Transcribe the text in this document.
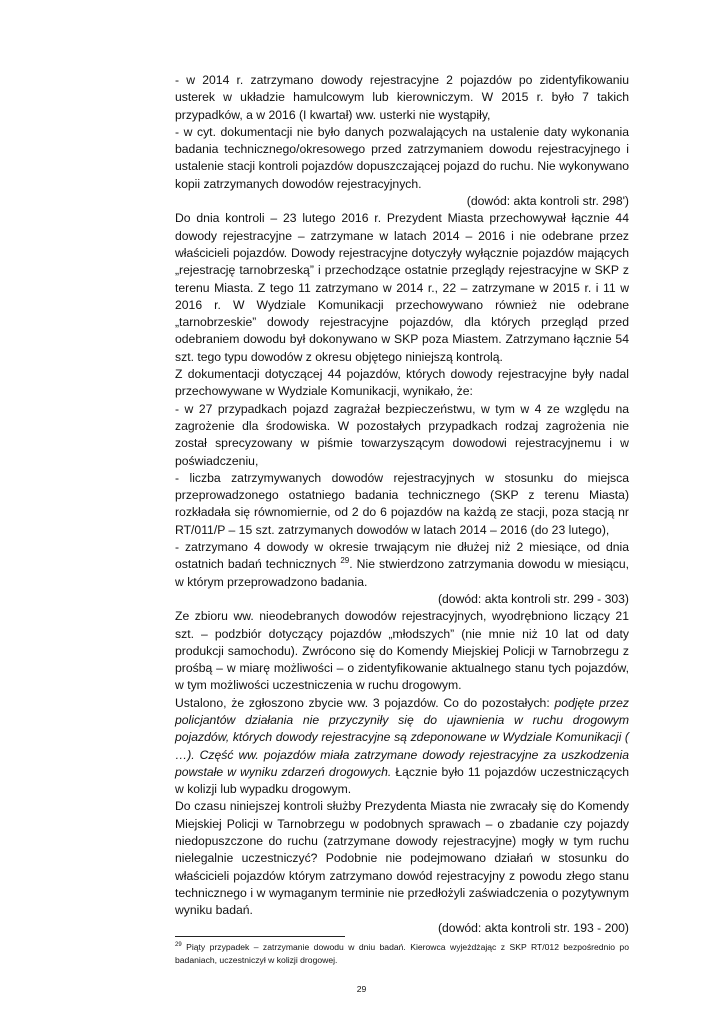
- w 2014 r. zatrzymano dowody rejestracyjne 2 pojazdów po zidentyfikowaniu usterek w układzie hamulcowym lub kierowniczym. W 2015 r. było 7 takich przypadków, a w 2016 (I kwartał) ww. usterki nie wystąpiły,

- w cyt. dokumentacji nie było danych pozwalających na ustalenie daty wykonania badania technicznego/okresowego przed zatrzymaniem dowodu rejestracyjnego i ustalenie stacji kontroli pojazdów dopuszczającej pojazd do ruchu. Nie wykonywano kopii zatrzymanych dowodów rejestracyjnych.

(dowód: akta kontroli str. 298')

Do dnia kontroli – 23 lutego 2016 r. Prezydent Miasta przechowywał łącznie 44 dowody rejestracyjne – zatrzymane w latach 2014 – 2016 i nie odebrane przez właścicieli pojazdów. Dowody rejestracyjne dotyczyły wyłącznie pojazdów mających „rejestrację tarnobrzeską” i przechodzące ostatnie przeglądy rejestracyjne w SKP z terenu Miasta. Z tego 11 zatrzymano w 2014 r., 22 – zatrzymane w 2015 r. i 11 w 2016 r. W Wydziale Komunikacji przechowywano również nie odebrane „tarnobrzeskie” dowody rejestracyjne pojazdów, dla których przegląd przed odebraniem dowodu był dokonywano w SKP poza Miastem. Zatrzymano łącznie 54 szt. tego typu dowodów z okresu objętego niniejszą kontrolą.

Z dokumentacji dotyczącej 44 pojazdów, których dowody rejestracyjne były nadal przechowywane w Wydziale Komunikacji, wynikało, że:

- w 27 przypadkach pojazd zagrażał bezpieczeństwu, w tym w 4 ze względu na zagrożenie dla środowiska. W pozostałych przypadkach rodzaj zagrożenia nie został sprecyzowany w piśmie towarzyszącym dowodowi rejestracyjnemu i w poświadczeniu,

- liczba zatrzymywanych dowodów rejestracyjnych w stosunku do miejsca przeprowadzonego ostatniego badania technicznego (SKP z terenu Miasta) rozkładała się równomiernie, od 2 do 6 pojazdów na każdą ze stacji, poza stacją nr RT/011/P – 15 szt. zatrzymanych dowodów w latach 2014 – 2016 (do 23 lutego),

- zatrzymano 4 dowody w okresie trwającym nie dłużej niż 2 miesiące, od dnia ostatnich badań technicznych $^{29}$. Nie stwierdzono zatrzymania dowodu w miesiącu, w którym przeprowadzono badania.

(dowód: akta kontroli str. 299 - 303)

Ze zbioru ww. nieodebranych dowodów rejestracyjnych, wyodrębniono liczący 21 szt. – podzbiór dotyczący pojazdów „młodszych” (nie mnie niż 10 lat od daty produkcji samochodu). Zwrócono się do Komendy Miejskiej Policji w Tarnobrzegu z prośbą – w miarę możliwości – o zidentyfikowanie aktualnego stanu tych pojazdów, w tym możliwości uczestniczenia w ruchu drogowym.

Ustalono, że zgłoszono zbycie ww. 3 pojazdów. Co do pozostałych: podjęte przez policjantów działania nie przyczyniły się do ujawnienia w ruchu drogowym pojazdów, których dowody rejestracyjne są zdeponowane w Wydziale Komunikacji ( …). Część ww. pojazdów miała zatrzymane dowody rejestracyjne za uszkodzenia powstałe w wyniku zdarzeń drogowych. Łącznie było 11 pojazdów uczestniczących w kolizji lub wypadku drogowym.

Do czasu niniejszej kontroli służby Prezydenta Miasta nie zwracały się do Komendy Miejskiej Policji w Tarnobrzegu w podobnych sprawach – o zbadanie czy pojazdy niedopuszczone do ruchu (zatrzymane dowody rejestracyjne) mogły w tym ruchu nielegalnie uczestniczyć? Podobnie nie podejmowano działań w stosunku do właścicieli pojazdów którym zatrzymano dowód rejestracyjny z powodu złego stanu technicznego i w wymaganym terminie nie przedłożyli zaświadczenia o pozytywnym wyniku badań.

(dowód: akta kontroli str. 193 - 200)

$^{29}$ Piąty przypadek – zatrzymanie dowodu w dniu badań. Kierowca wyjeżdżając z SKP RT/012 bezpośrednio po badaniach, uczestniczył w kolizji drogowej.
29
